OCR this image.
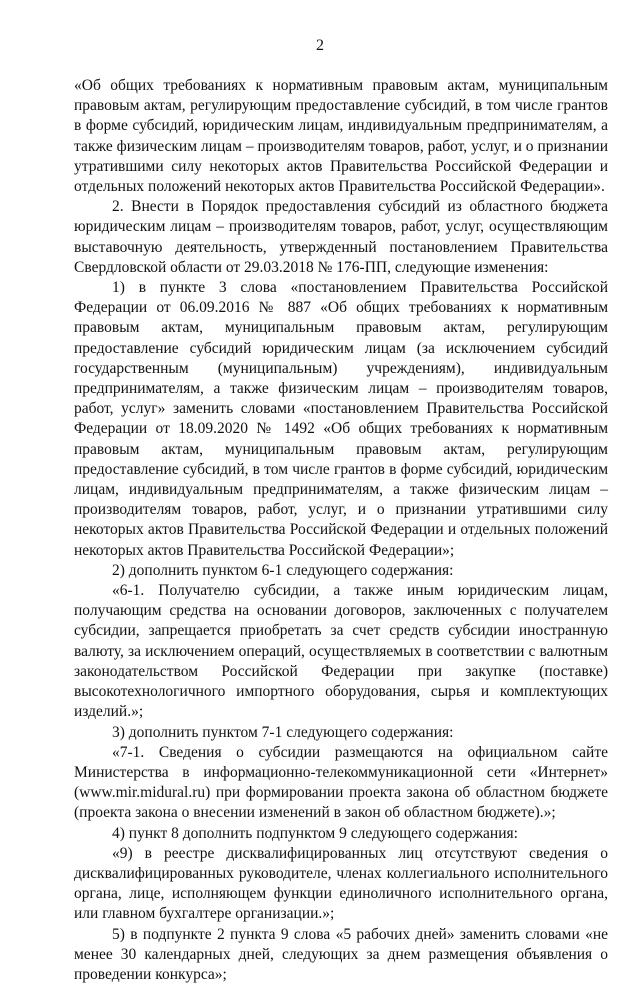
2

«Об общих требованиях к нормативным правовым актам, муниципальным правовым актам, регулирующим предоставление субсидий, в том числе грантов в форме субсидий, юридическим лицам, индивидуальным предпринимателям, а также физическим лицам – производителям товаров, работ, услуг, и о признании утратившими силу некоторых актов Правительства Российской Федерации и отдельных положений некоторых актов Правительства Российской Федерации».

2. Внести в Порядок предоставления субсидий из областного бюджета юридическим лицам – производителям товаров, работ, услуг, осуществляющим выставочную деятельность, утвержденный постановлением Правительства Свердловской области от 29.03.2018 № 176-ПП, следующие изменения:

1) в пункте 3 слова «постановлением Правительства Российской Федерации от 06.09.2016 № 887 «Об общих требованиях к нормативным правовым актам, муниципальным правовым актам, регулирующим предоставление субсидий юридическим лицам (за исключением субсидий государственным (муниципальным) учреждениям), индивидуальным предпринимателям, а также физическим лицам – производителям товаров, работ, услуг» заменить словами «постановлением Правительства Российской Федерации от 18.09.2020 № 1492 «Об общих требованиях к нормативным правовым актам, муниципальным правовым актам, регулирующим предоставление субсидий, в том числе грантов в форме субсидий, юридическим лицам, индивидуальным предпринимателям, а также физическим лицам – производителям товаров, работ, услуг, и о признании утратившими силу некоторых актов Правительства Российской Федерации и отдельных положений некоторых актов Правительства Российской Федерации»;

2) дополнить пунктом 6-1 следующего содержания:

«6-1. Получателю субсидии, а также иным юридическим лицам, получающим средства на основании договоров, заключенных с получателем субсидии, запрещается приобретать за счет средств субсидии иностранную валюту, за исключением операций, осуществляемых в соответствии с валютным законодательством Российской Федерации при закупке (поставке) высокотехнологичного импортного оборудования, сырья и комплектующих изделий.»;

3) дополнить пунктом 7-1 следующего содержания:

«7-1. Сведения о субсидии размещаются на официальном сайте Министерства в информационно-телекоммуникационной сети «Интернет» (www.mir.midural.ru) при формировании проекта закона об областном бюджете (проекта закона о внесении изменений в закон об областном бюджете).»;

4) пункт 8 дополнить подпунктом 9 следующего содержания:

«9) в реестре дисквалифицированных лиц отсутствуют сведения о дисквалифицированных руководителе, членах коллегиального исполнительного органа, лице, исполняющем функции единоличного исполнительного органа, или главном бухгалтере организации.»;

5) в подпункте 2 пункта 9 слова «5 рабочих дней» заменить словами «не менее 30 календарных дней, следующих за днем размещения объявления о проведении конкурса»;
